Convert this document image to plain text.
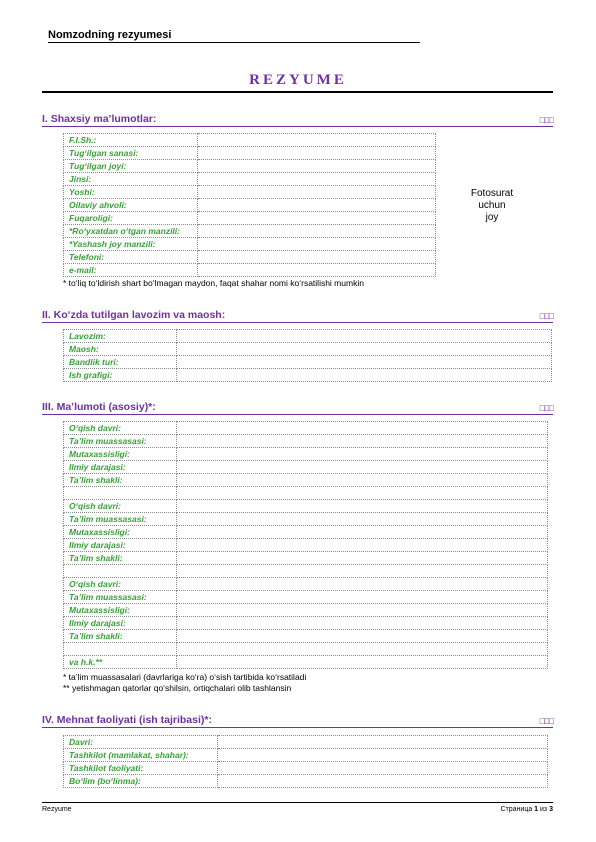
Nomzodning rezyumesi
REZYUME
I. Shaxsiy ma’lumotlar:	□□□
F.I.Sh.:	
Tug‘ilgan sanasi:	
Tug‘ilgan joyi:	
Jinsi:	
Yoshi:	
Oilaviy ahvoli:	
Fuqaroligi:	
*Ro‘yxatdan o‘tgan manzili:	
*Yashash joy manzili:	
Telefoni:	
e-mail:	
Fotosurat
uchun
joy
* to‘liq to‘ldirish shart bo‘lmagan maydon, faqat shahar nomi ko‘rsatilishi mumkin
II. Ko‘zda tutilgan lavozim va maosh:	□□□
Lavozim:	
Maosh:	
Bandlik turi:	
Ish grafigi:	
III. Ma’lumoti (asosiy)*:	□□□
O‘qish davri:	
Ta’lim muassasasi:	
Mutaxassisligi:	
Ilmiy darajasi:	
Ta’lim shakli:	

O‘qish davri:	
Ta’lim muassasasi:	
Mutaxassisligi:	
Ilmiy darajasi:	
Ta’lim shakli:	

O‘qish davri:	
Ta’lim muassasasi:	
Mutaxassisligi:	
Ilmiy darajasi:	
Ta’lim shakli:	

va h.k.**	
* ta’lim muassasalari (davrlariga ko‘ra) o‘sish tartibida ko‘rsatiladi
** yetishmagan qatorlar qo‘shilsin, ortiqchalari olib tashlansin
IV. Mehnat faoliyati (ish tajribasi)*:	□□□
Davri:	
Tashkilot (mamlakat, shahar):	
Tashkilot faoliyati:	
Bo‘lim (bo‘linma):	
Rezyume	Страница 1 из 3
